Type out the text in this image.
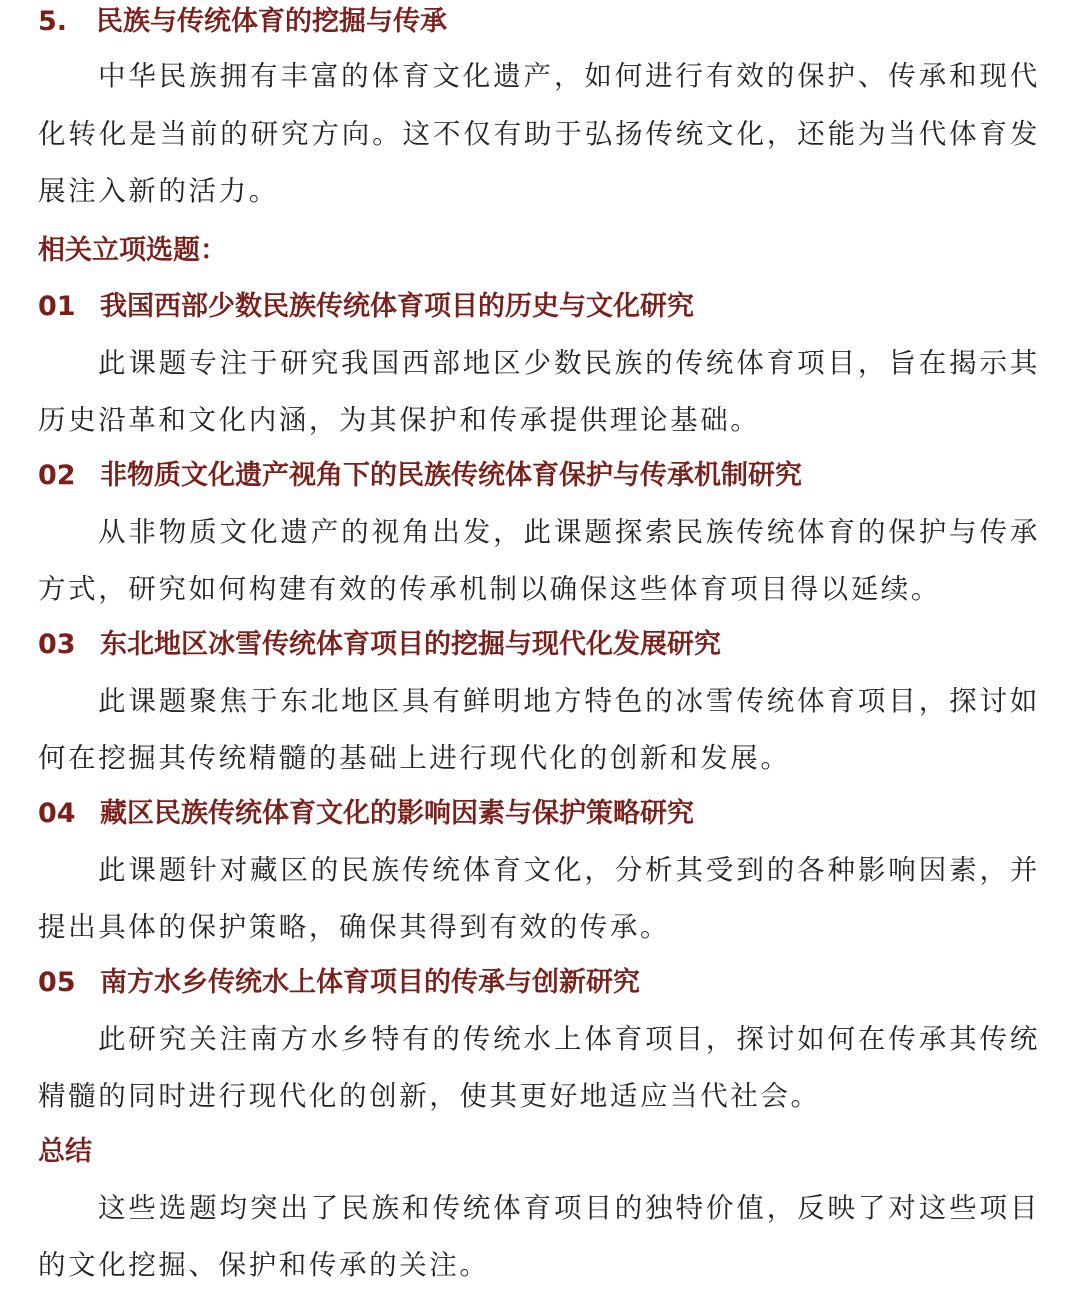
5.	民族与传统体育的挖掘与传承

中华民族拥有丰富的体育文化遗产，如何进行有效的保护、传承和现代化转化是当前的研究方向。这不仅有助于弘扬传统文化，还能为当代体育发展注入新的活力。

相关立项选题：
01 我国西部少数民族传统体育项目的历史与文化研究

此课题专注于研究我国西部地区少数民族的传统体育项目，旨在揭示其历史沿革和文化内涵，为其保护和传承提供理论基础。

02 非物质文化遗产视角下的民族传统体育保护与传承机制研究

从非物质文化遗产的视角出发，此课题探索民族传统体育的保护与传承方式，研究如何构建有效的传承机制以确保这些体育项目得以延续。

03 东北地区冰雪传统体育项目的挖掘与现代化发展研究

此课题聚焦于东北地区具有鲜明地方特色的冰雪传统体育项目，探讨如何在挖掘其传统精髓的基础上进行现代化的创新和发展。

04 藏区民族传统体育文化的影响因素与保护策略研究

此课题针对藏区的民族传统体育文化，分析其受到的各种影响因素，并提出具体的保护策略，确保其得到有效的传承。

05 南方水乡传统水上体育项目的传承与创新研究

此研究关注南方水乡特有的传统水上体育项目，探讨如何在传承其传统精髓的同时进行现代化的创新，使其更好地适应当代社会。

总结

这些选题均突出了民族和传统体育项目的独特价值，反映了对这些项目的文化挖掘、保护和传承的关注。
